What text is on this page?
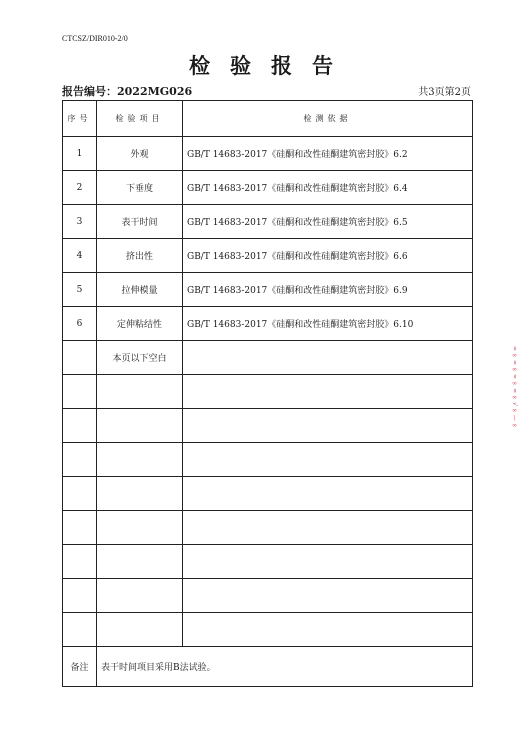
CTCSZ/DIR010-2/0
检验报告
报告编号：2022MG026	共3页第2页
序号	检验项目	检测依据
1	外观	GB/T 14683-2017《硅酮和改性硅酮建筑密封胶》6.2
2	下垂度	GB/T 14683-2017《硅酮和改性硅酮建筑密封胶》6.4
3	表干时间	GB/T 14683-2017《硅酮和改性硅酮建筑密封胶》6.5
4	挤出性	GB/T 14683-2017《硅酮和改性硅酮建筑密封胶》6.6
5	拉伸模量	GB/T 14683-2017《硅酮和改性硅酮建筑密封胶》6.9
6	定伸粘结性	GB/T 14683-2017《硅酮和改性硅酮建筑密封胶》6.10
	本页以下空白	

备注	表干时间项目采用B法试验。	
≈∞≈∞≈∞≈∞√∞—∞
